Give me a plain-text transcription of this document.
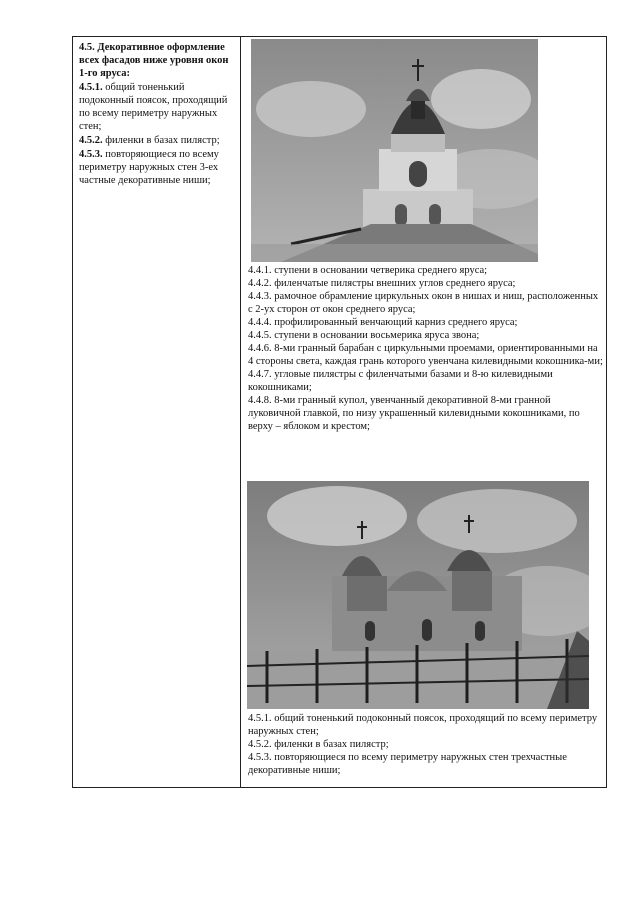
4.5. Декоративное оформление всех фасадов ниже уровня окон 1-го яруса:
4.5.1. общий тоненький подоконный поясок, проходящий по всему периметру наружных стен;
4.5.2. филенки в базах пилястр;
4.5.3. повторяющиеся по всему периметру наружных стен 3-ех частные декоративные ниши;

4.4.1. ступени в основании четверика среднего яруса;

4.4.2. филенчатые пилястры внешних углов среднего яруса;

4.4.3. рамочное обрамление циркульных окон в нишах и ниш, расположенных с 2-ух сторон от окон среднего яруса;

4.4.4. профилированный венчающий карниз среднего яруса;

4.4.5. ступени в основании восьмерика яруса звона;

4.4.6. 8-ми гранный барабан с циркульными проемами, ориентированными на 4 стороны света, каждая грань которого увенчана килевидными кокошника-ми;

4.4.7. угловые пилястры с филенчатыми базами и 8-ю килевидными кокошниками;

4.4.8. 8-ми гранный купол, увенчанный декоративной 8-ми гранной луковичной главкой, по низу украшенный килевидными кокошниками, по верху – яблоком и крестом;

4.5.1. общий тоненький подоконный поясок, проходящий по всему периметру наружных стен;

4.5.2. филенки в базах пилястр;

4.5.3. повторяющиеся по всему периметру наружных стен трехчастные декоративные ниши;
